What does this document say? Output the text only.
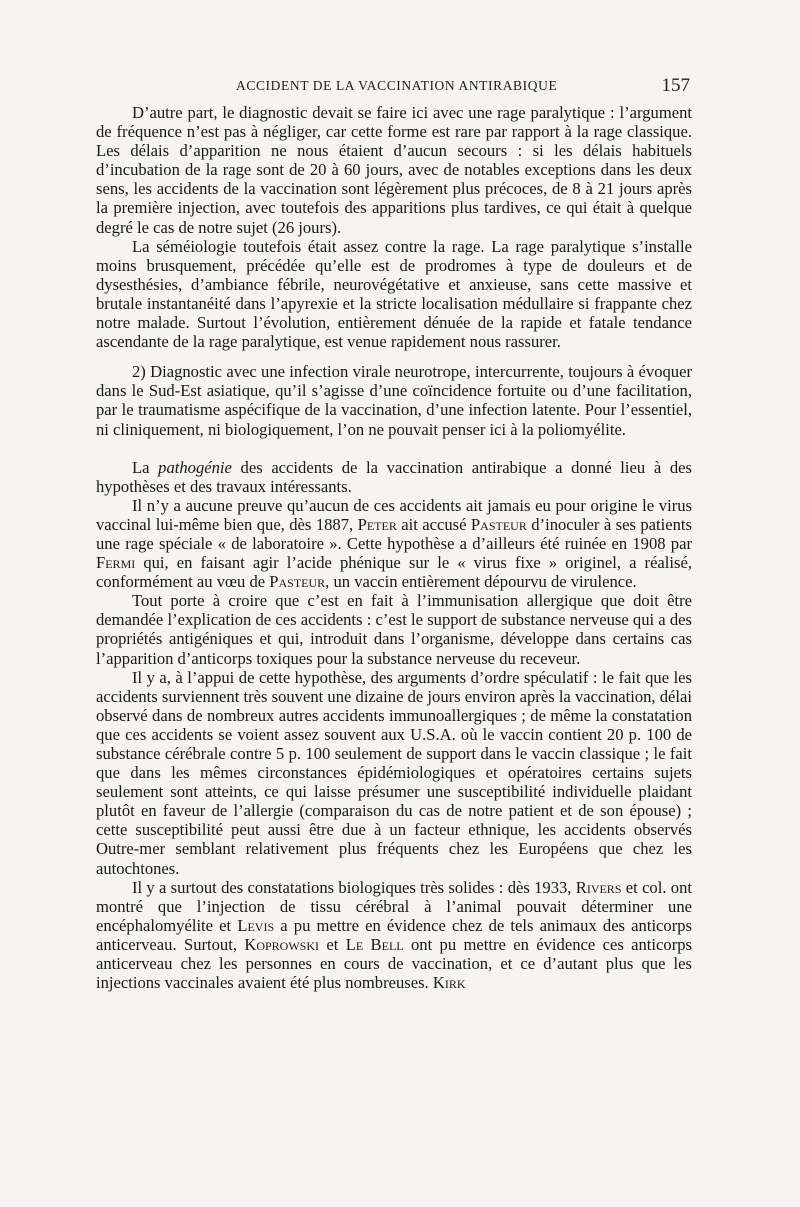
ACCIDENT DE LA VACCINATION ANTIRABIQUE	157

D’autre part, le diagnostic devait se faire ici avec une rage paralytique : l’argument de fréquence n’est pas à négliger, car cette forme est rare par rapport à la rage classique. Les délais d’apparition ne nous étaient d’aucun secours : si les délais habituels d’incubation de la rage sont de 20 à 60 jours, avec de notables exceptions dans les deux sens, les accidents de la vaccination sont légèrement plus précoces, de 8 à 21 jours après la première injection, avec toutefois des apparitions plus tardives, ce qui était à quelque degré le cas de notre sujet (26 jours).

La séméiologie toutefois était assez contre la rage. La rage paralytique s’installe moins brusquement, précédée qu’elle est de prodromes à type de douleurs et de dysesthésies, d’ambiance fébrile, neurovégétative et anxieuse, sans cette massive et brutale instantanéité dans l’apyrexie et la stricte localisation médullaire si frappante chez notre malade. Surtout l’évolution, entièrement dénuée de la rapide et fatale tendance ascendante de la rage paralytique, est venue rapidement nous rassurer.

2) Diagnostic avec une infection virale neurotrope, intercurrente, toujours à évoquer dans le Sud-Est asiatique, qu’il s’agisse d’une coïncidence fortuite ou d’une facilitation, par le traumatisme aspécifique de la vaccination, d’une infection latente. Pour l’essentiel, ni cliniquement, ni biologiquement, l’on ne pouvait penser ici à la poliomyélite.

La pathogénie des accidents de la vaccination antirabique a donné lieu à des hypothèses et des travaux intéressants.

Il n’y a aucune preuve qu’aucun de ces accidents ait jamais eu pour origine le virus vaccinal lui-même bien que, dès 1887, Peter ait accusé Pasteur d’inoculer à ses patients une rage spéciale « de laboratoire ». Cette hypothèse a d’ailleurs été ruinée en 1908 par Fermi qui, en faisant agir l’acide phénique sur le « virus fixe » originel, a réalisé, conformément au vœu de Pasteur, un vaccin entièrement dépourvu de virulence.

Tout porte à croire que c’est en fait à l’immunisation allergique que doit être demandée l’explication de ces accidents : c’est le support de substance nerveuse qui a des propriétés antigéniques et qui, introduit dans l’organisme, développe dans certains cas l’apparition d’anticorps toxiques pour la substance nerveuse du receveur.

Il y a, à l’appui de cette hypothèse, des arguments d’ordre spéculatif : le fait que les accidents surviennent très souvent une dizaine de jours environ après la vaccination, délai observé dans de nombreux autres accidents immunoallergiques ; de même la constatation que ces accidents se voient assez souvent aux U.S.A. où le vaccin contient 20 p. 100 de substance cérébrale contre 5 p. 100 seulement de support dans le vaccin classique ; le fait que dans les mêmes circonstances épidémiologiques et opératoires certains sujets seulement sont atteints, ce qui laisse présumer une susceptibilité individuelle plaidant plutôt en faveur de l’allergie (comparaison du cas de notre patient et de son épouse) ; cette susceptibilité peut aussi être due à un facteur ethnique, les accidents observés Outre-mer semblant relativement plus fréquents chez les Européens que chez les autochtones.

Il y a surtout des constatations biologiques très solides : dès 1933, Rivers et col. ont montré que l’injection de tissu cérébral à l’animal pouvait déterminer une encéphalomyélite et Levis a pu mettre en évidence chez de tels animaux des anticorps anticerveau. Surtout, Koprowski et Le Bell ont pu mettre en évidence ces anticorps anticerveau chez les personnes en cours de vaccination, et ce d’autant plus que les injections vaccinales avaient été plus nombreuses. Kirk
